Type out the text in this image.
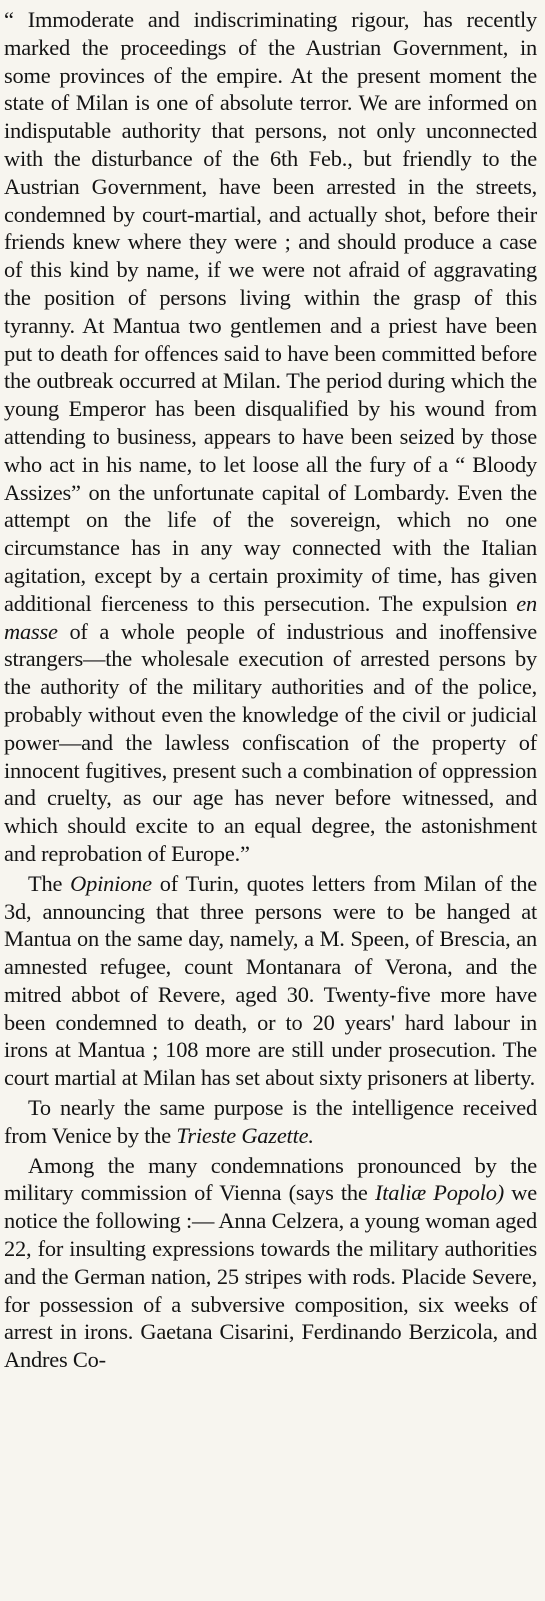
“ Immoderate and indiscriminating rigour, has recently marked the proceedings of the Austrian Government, in some provinces of the empire. At the present moment the state of Milan is one of absolute terror. We are informed on indisputable authority that persons, not only unconnected with the disturbance of the 6th Feb., but friendly to the Austrian Government, have been arrested in the streets, condemned by court-martial, and actually shot, before their friends knew where they were ; and should produce a case of this kind by name, if we were not afraid of aggravating the position of persons living within the grasp of this tyranny. At Mantua two gentlemen and a priest have been put to death for offences said to have been committed before the outbreak occurred at Milan. The period during which the young Emperor has been disqualified by his wound from attending to business, appears to have been seized by those who act in his name, to let loose all the fury of a “ Bloody Assizes” on the unfortunate capital of Lombardy. Even the attempt on the life of the sovereign, which no one circumstance has in any way connected with the Italian agitation, except by a certain proximity of time, has given additional fierceness to this persecution. The expulsion en masse of a whole people of industrious and inoffensive strangers—the wholesale execution of arrested persons by the authority of the military authorities and of the police, probably without even the knowledge of the civil or judicial power—and the lawless confiscation of the property of innocent fugitives, present such a combination of oppression and cruelty, as our age has never before witnessed, and which should excite to an equal degree, the astonishment and reprobation of Europe.”

The Opinione of Turin, quotes letters from Milan of the 3d, announcing that three persons were to be hanged at Mantua on the same day, namely, a M. Speen, of Brescia, an amnested refugee, count Montanara of Verona, and the mitred abbot of Revere, aged 30. Twenty-five more have been condemned to death, or to 20 years' hard labour in irons at Mantua ; 108 more are still under prosecution. The court martial at Milan has set about sixty prisoners at liberty.

To nearly the same purpose is the intelligence received from Venice by the Trieste Gazette.

Among the many condemnations pronounced by the military commission of Vienna (says the Italiæ Popolo) we notice the following :— Anna Celzera, a young woman aged 22, for insulting expressions towards the military authorities and the German nation, 25 stripes with rods. Placide Severe, for possession of a subversive composition, six weeks of arrest in irons. Gaetana Cisarini, Ferdinando Berzicola, and Andres Co-
